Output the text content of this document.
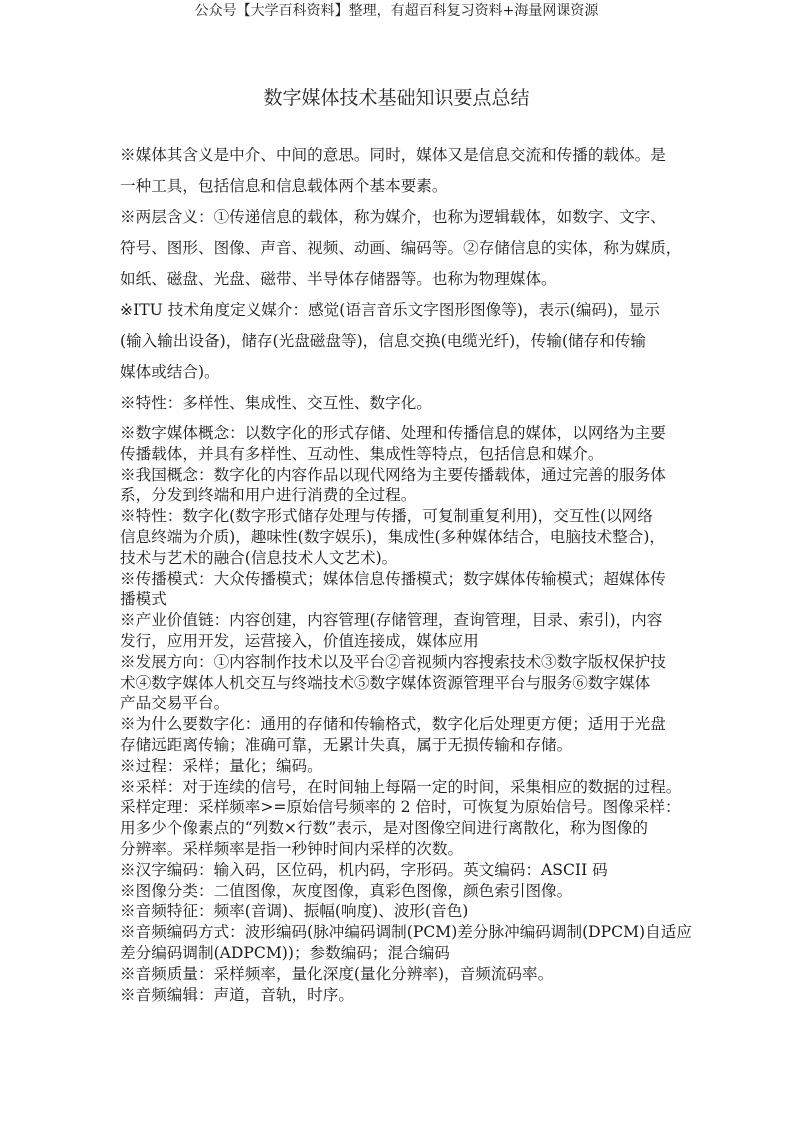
公众号【大学百科资料】整理，有超百科复习资料+海量网课资源
数字媒体技术基础知识要点总结
※媒体其含义是中介、中间的意思。同时，媒体又是信息交流和传播的载体。是
一种工具，包括信息和信息载体两个基本要素。
※两层含义：①传递信息的载体，称为媒介，也称为逻辑载体，如数字、文字、
符号、图形、图像、声音、视频、动画、编码等。②存储信息的实体，称为媒质，
如纸、磁盘、光盘、磁带、半导体存储器等。也称为物理媒体。
※ITU 技术角度定义媒介：感觉(语言音乐文字图形图像等)，表示(编码)，显示
(输入输出设备)，储存(光盘磁盘等)，信息交换(电缆光纤)，传输(储存和传输
媒体或结合)。
※特性：多样性、集成性、交互性、数字化。
※数字媒体概念：以数字化的形式存储、处理和传播信息的媒体，以网络为主要
传播载体，并具有多样性、互动性、集成性等特点，包括信息和媒介。
※我国概念：数字化的内容作品以现代网络为主要传播载体，通过完善的服务体
系，分发到终端和用户进行消费的全过程。
※特性：数字化(数字形式储存处理与传播，可复制重复利用)，交互性(以网络
信息终端为介质)，趣味性(数字娱乐)，集成性(多种媒体结合，电脑技术整合)，
技术与艺术的融合(信息技术人文艺术)。
※传播模式：大众传播模式；媒体信息传播模式；数字媒体传输模式；超媒体传
播模式
※产业价值链：内容创建，内容管理(存储管理，查询管理，目录、索引)，内容
发行，应用开发，运营接入，价值连接成，媒体应用
※发展方向：①内容制作技术以及平台②音视频内容搜索技术③数字版权保护技
术④数字媒体人机交互与终端技术⑤数字媒体资源管理平台与服务⑥数字媒体
产品交易平台。
※为什么要数字化：通用的存储和传输格式，数字化后处理更方便；适用于光盘
存储远距离传输；准确可靠，无累计失真，属于无损传输和存储。
※过程：采样；量化；编码。
※采样：对于连续的信号，在时间轴上每隔一定的时间，采集相应的数据的过程。
采样定理：采样频率>=原始信号频率的 2 倍时，可恢复为原始信号。图像采样：
用多少个像素点的“列数×行数”表示，是对图像空间进行离散化，称为图像的
分辨率。采样频率是指一秒钟时间内采样的次数。
※汉字编码：输入码，区位码，机内码，字形码。英文编码：ASCII 码
※图像分类：二值图像，灰度图像，真彩色图像，颜色索引图像。
※音频特征：频率(音调)、振幅(响度)、波形(音色)
※音频编码方式：波形编码(脉冲编码调制(PCM)差分脉冲编码调制(DPCM)自适应
差分编码调制(ADPCM))；参数编码；混合编码
※音频质量：采样频率，量化深度(量化分辨率)，音频流码率。
※音频编辑：声道，音轨，时序。
